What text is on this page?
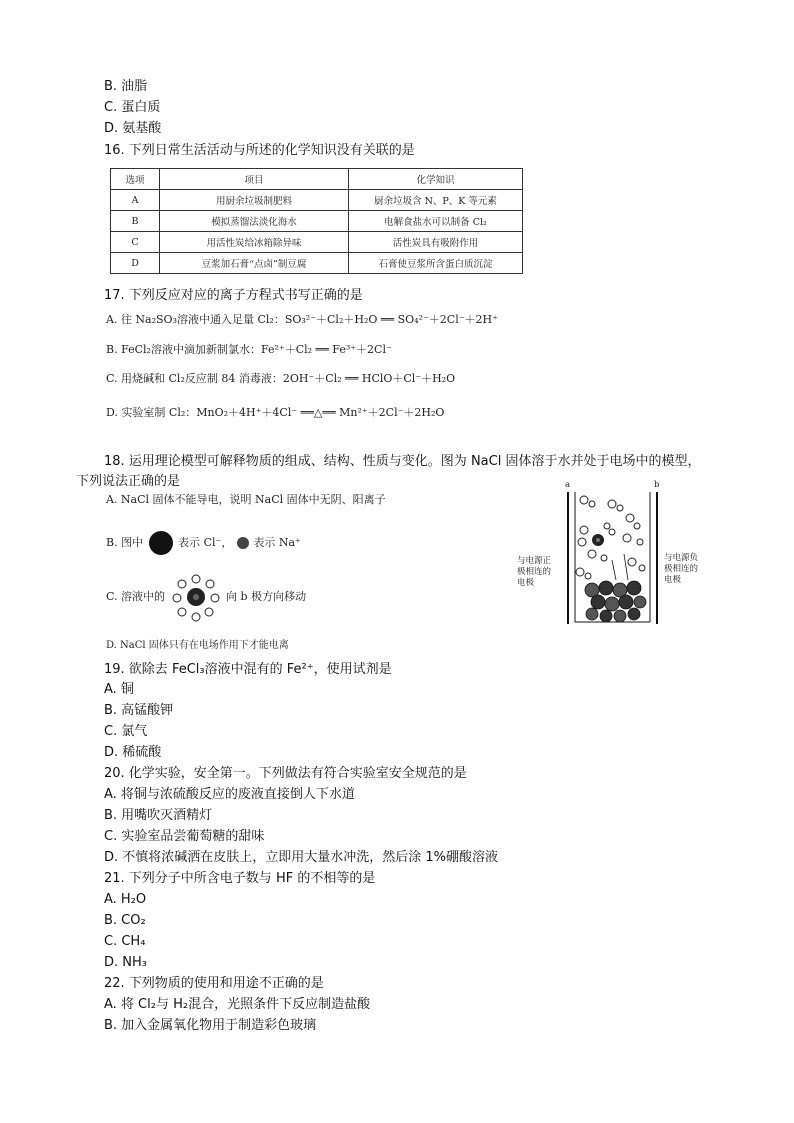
B. 油脂
C. 蛋白质
D. 氨基酸
16. 下列日常生活活动与所述的化学知识没有关联的是
选项	项目	化学知识
A	用厨余垃圾制肥料	厨余垃圾含 N、P、K 等元素
B	模拟蒸馏法淡化海水	电解食盐水可以制备 Cl₂
C	用活性炭给冰箱除异味	活性炭具有吸附作用
D	豆浆加石膏“点卤”制豆腐	石膏使豆浆所含蛋白质沉淀
17. 下列反应对应的离子方程式书写正确的是
A. 往 Na₂SO₃溶液中通入足量 Cl₂：SO₃²⁻＋Cl₂＋H₂O ══ SO₄²⁻＋2Cl⁻＋2H⁺
B. FeCl₂溶液中滴加新制氯水：Fe²⁺＋Cl₂ ══ Fe³⁺＋2Cl⁻
C. 用烧碱和 Cl₂反应制 84 消毒液：2OH⁻＋Cl₂ ══ HClO＋Cl⁻＋H₂O
D. 实验室制 Cl₂：MnO₂＋4H⁺＋4Cl⁻ ══△══ Mn²⁺＋2Cl⁻＋2H₂O
18. 运用理论模型可解释物质的组成、结构、性质与变化。图为 NaCl 固体溶于水并处于电场中的模型，
下列说法正确的是
A. NaCl 固体不能导电，说明 NaCl 固体中无阴、阳离子
B. 图中	表示 Cl⁻， 表示 Na⁺
C. 溶液中的	向 b 极方向移动
D. NaCl 固体只有在电场作用下才能电离
a	b
与电源正
极相连的
电极
与电源负
极相连的
电极
19. 欲除去 FeCl₃溶液中混有的 Fe²⁺，使用试剂是
A. 铜
B. 高锰酸钾
C. 氯气
D. 稀硫酸
20. 化学实验，安全第一。下列做法有符合实验室安全规范的是
A. 将铜与浓硫酸反应的废液直接倒人下水道
B. 用嘴吹灭酒精灯
C. 实验室品尝葡萄糖的甜味
D. 不慎将浓碱洒在皮肤上，立即用大量水冲洗，然后涂 1%硼酸溶液
21. 下列分子中所含电子数与 HF 的不相等的是
A. H₂O
B. CO₂
C. CH₄
D. NH₃
22. 下列物质的使用和用途不正确的是
A. 将 Cl₂与 H₂混合，光照条件下反应制造盐酸
B. 加入金属氧化物用于制造彩色玻璃
